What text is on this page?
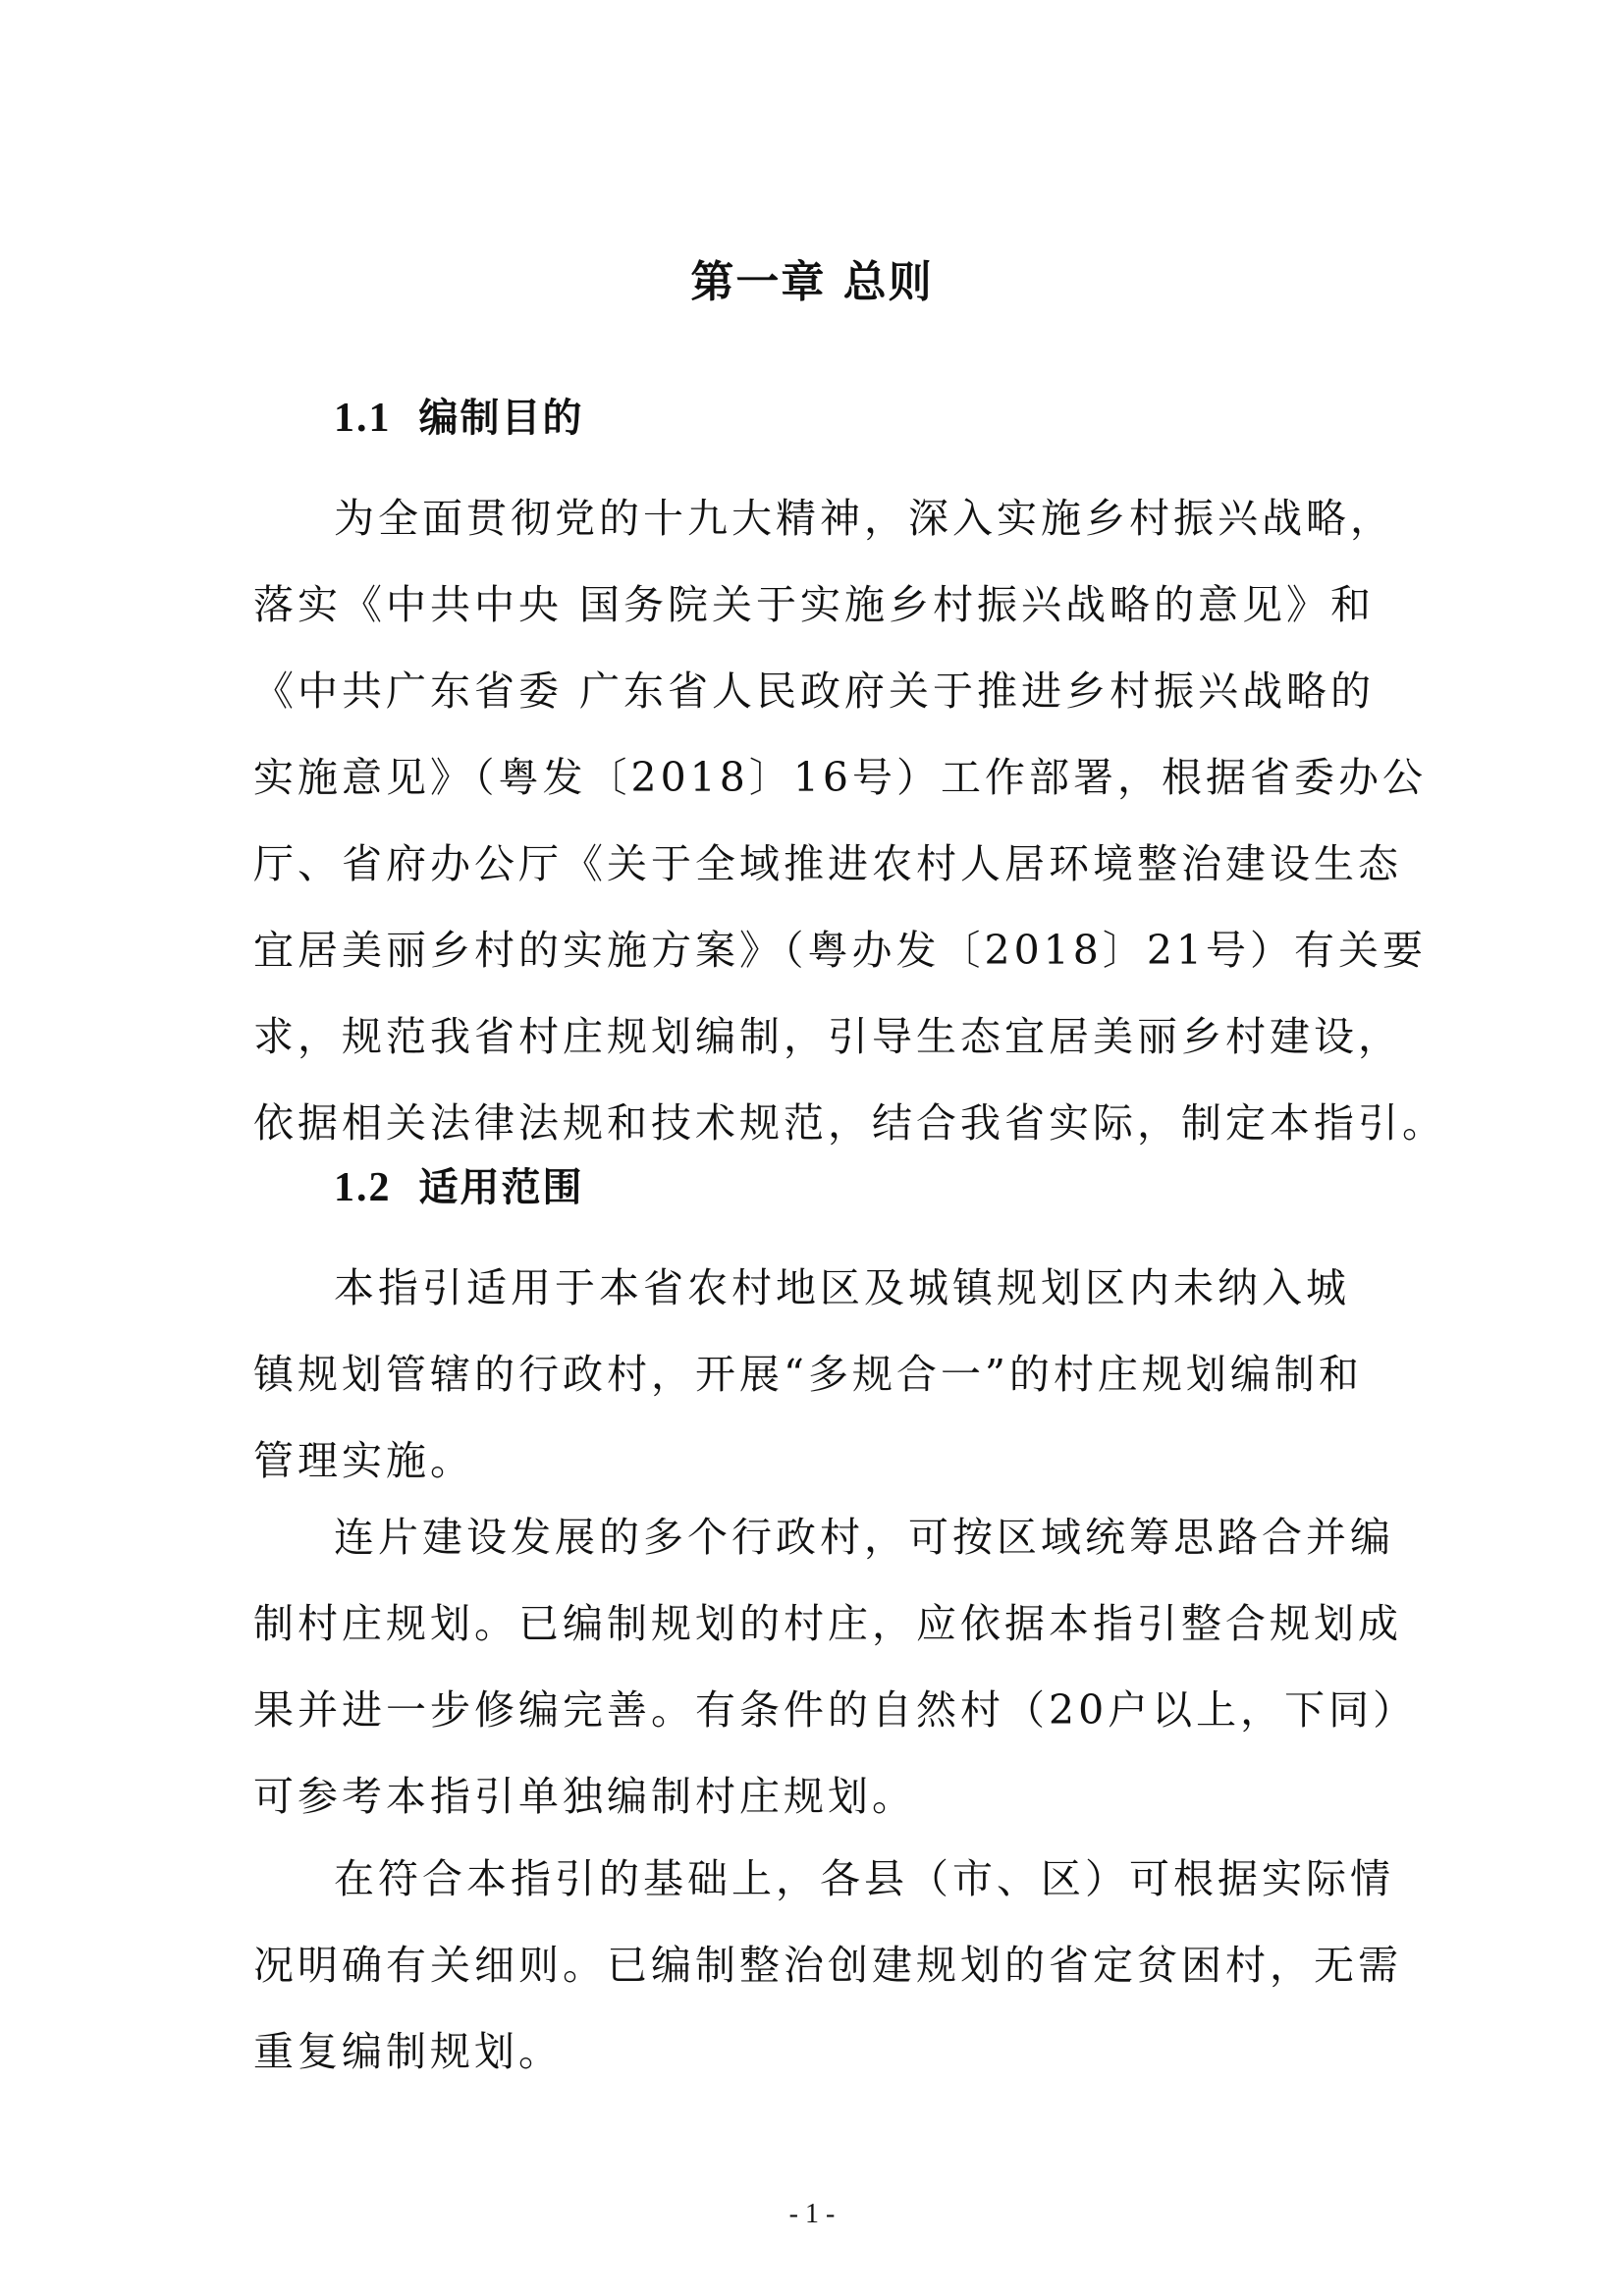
第一章 总则
1.1 编制目的
为全面贯彻党的十九大精神，深入实施乡村振兴战略，
落实《中共中央 国务院关于实施乡村振兴战略的意见》和
《中共广东省委 广东省人民政府关于推进乡村振兴战略的
实施意见》（粤发〔2018〕16号）工作部署，根据省委办公
厅、省府办公厅《关于全域推进农村人居环境整治建设生态
宜居美丽乡村的实施方案》（粤办发〔2018〕21号）有关要
求，规范我省村庄规划编制，引导生态宜居美丽乡村建设，
依据相关法律法规和技术规范，结合我省实际，制定本指引。
1.2 适用范围
本指引适用于本省农村地区及城镇规划区内未纳入城
镇规划管辖的行政村，开展“多规合一”的村庄规划编制和
管理实施。
连片建设发展的多个行政村，可按区域统筹思路合并编
制村庄规划。已编制规划的村庄，应依据本指引整合规划成
果并进一步修编完善。有条件的自然村（20户以上，下同）
可参考本指引单独编制村庄规划。
在符合本指引的基础上，各县（市、区）可根据实际情
况明确有关细则。已编制整治创建规划的省定贫困村，无需
重复编制规划。
- 1 -
